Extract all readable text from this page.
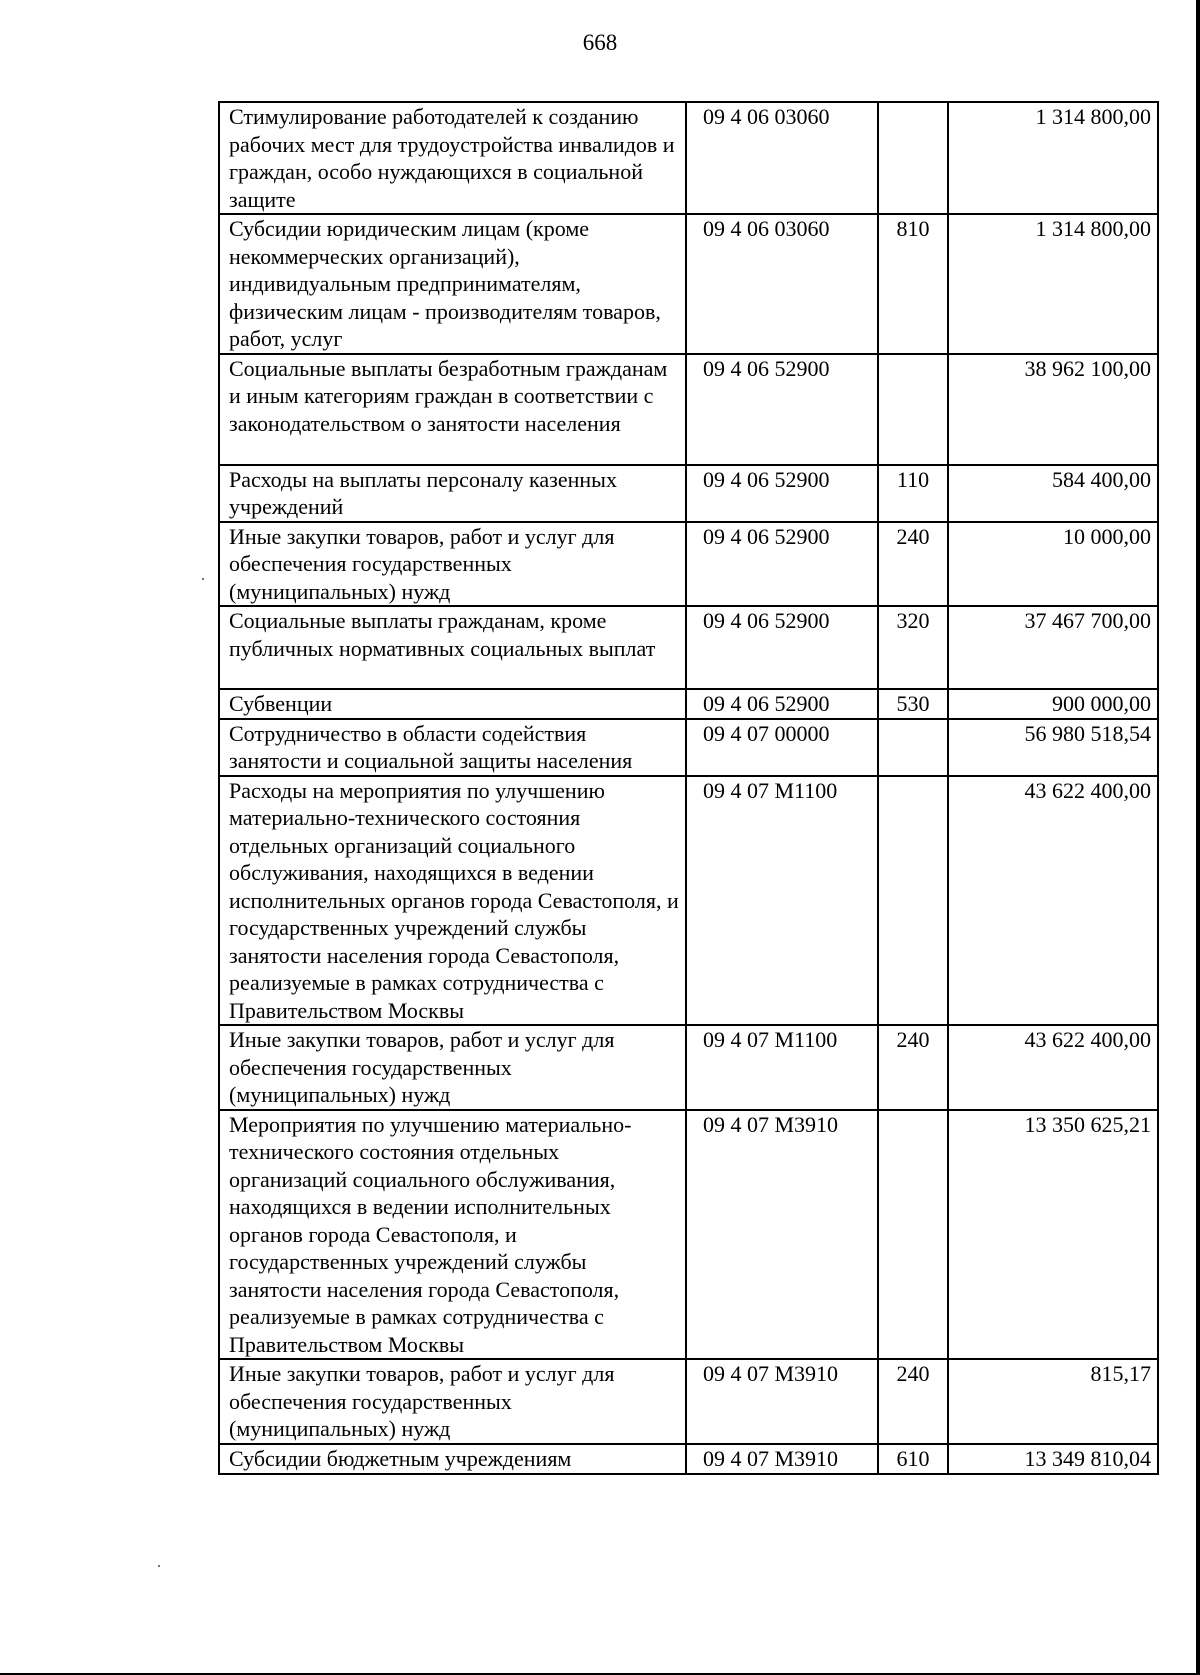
668
Стимулирование работодателей к созданию рабочих мест для трудоустройства инвалидов и граждан, особо нуждающихся в социальной защите	09 4 06 03060		1 314 800,00
Субсидии юридическим лицам (кроме некоммерческих организаций), индивидуальным предпринимателям, физическим лицам - производителям товаров, работ, услуг	09 4 06 03060	810	1 314 800,00
Социальные выплаты безработным гражданам и иным категориям граждан в соответствии с законодательством о занятости населения	09 4 06 52900		38 962 100,00
Расходы на выплаты персоналу казенных учреждений	09 4 06 52900	110	584 400,00
Иные закупки товаров, работ и услуг для обеспечения государственных (муниципальных) нужд	09 4 06 52900	240	10 000,00
Социальные выплаты гражданам, кроме публичных нормативных социальных выплат	09 4 06 52900	320	37 467 700,00
Субвенции	09 4 06 52900	530	900 000,00
Сотрудничество в области содействия занятости и социальной защиты населения	09 4 07 00000		56 980 518,54
Расходы на мероприятия по улучшению материально-технического состояния отдельных организаций социального обслуживания, находящихся в ведении исполнительных органов города Севастополя, и государственных учреждений службы занятости населения города Севастополя, реализуемые в рамках сотрудничества с Правительством Москвы	09 4 07 М1100		43 622 400,00
Иные закупки товаров, работ и услуг для обеспечения государственных (муниципальных) нужд	09 4 07 М1100	240	43 622 400,00
Мероприятия по улучшению материально-технического состояния отдельных организаций социального обслуживания, находящихся в ведении исполнительных органов города Севастополя, и государственных учреждений службы занятости населения города Севастополя, реализуемые в рамках сотрудничества с Правительством Москвы	09 4 07 М3910		13 350 625,21
Иные закупки товаров, работ и услуг для обеспечения государственных (муниципальных) нужд	09 4 07 М3910	240	815,17
Субсидии бюджетным учреждениям	09 4 07 М3910	610	13 349 810,04
